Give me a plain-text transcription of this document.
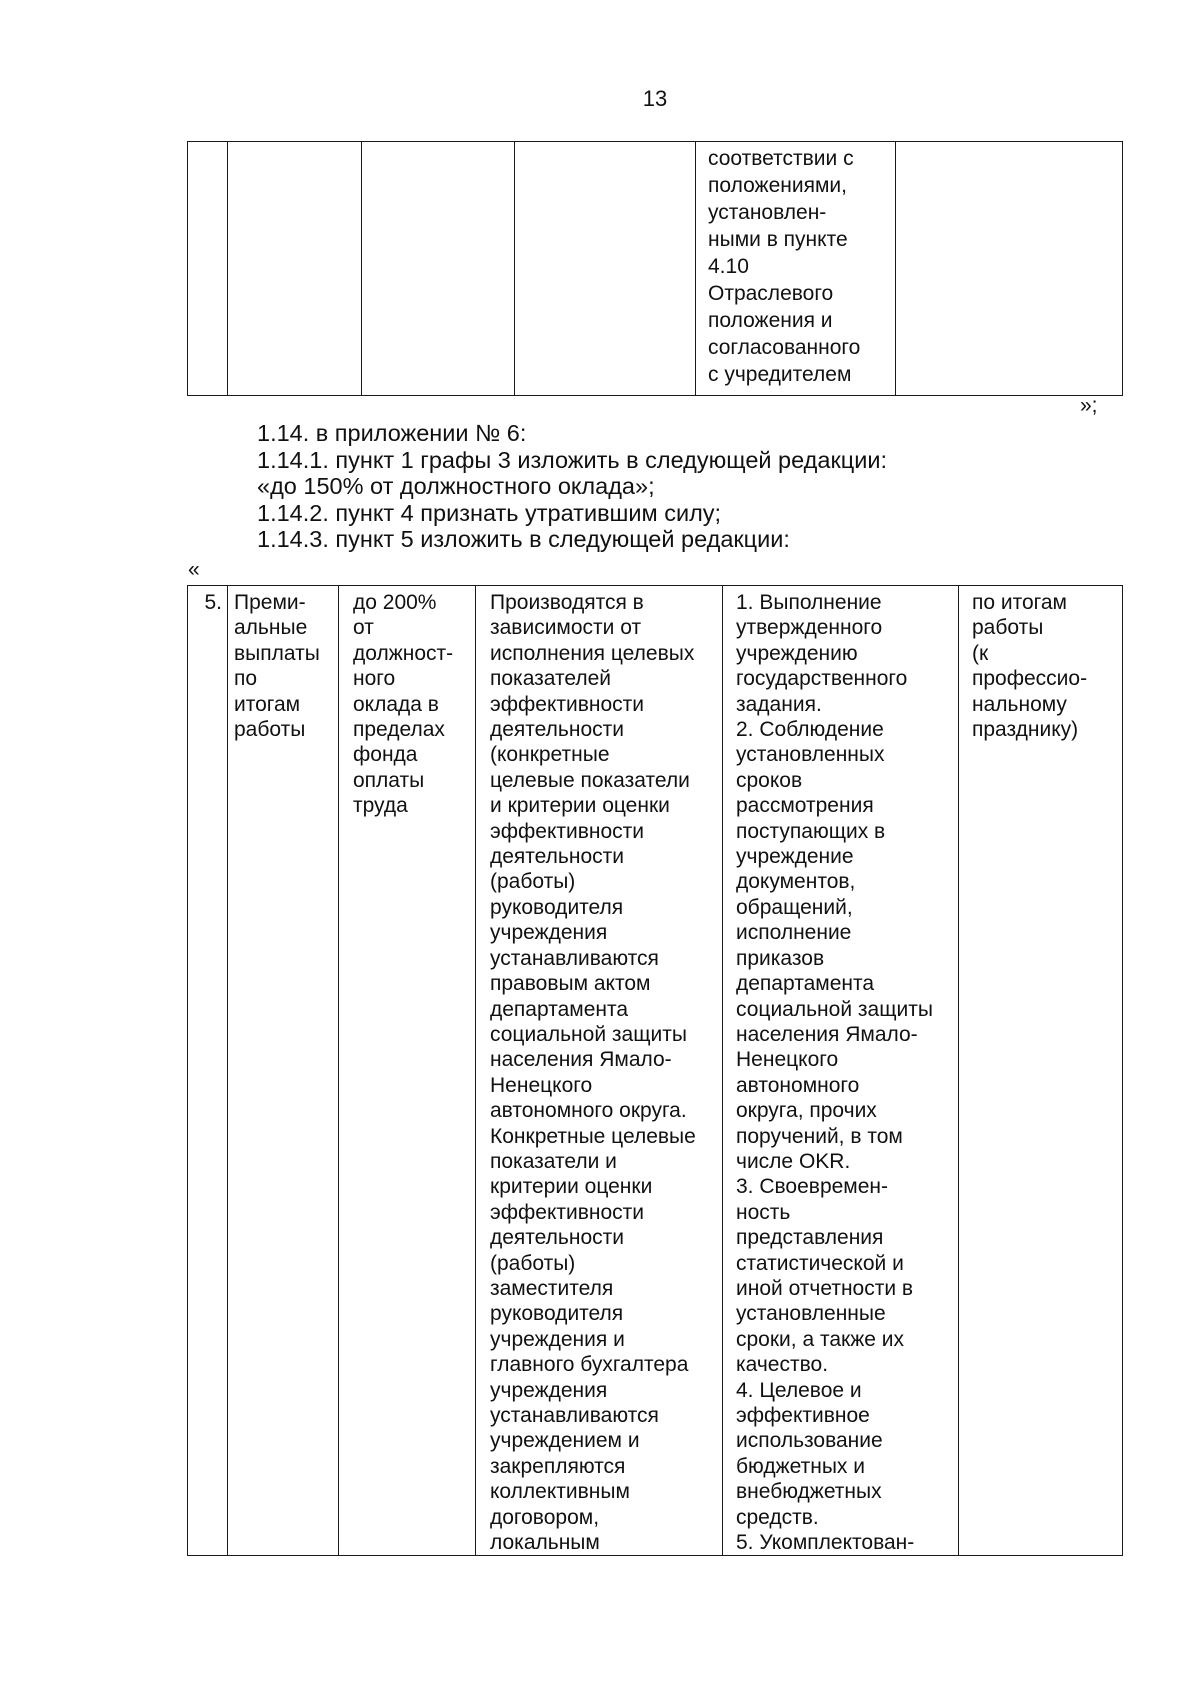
13
				соответствии с
положениями,
установлен-
ными в пункте
4.10
Отраслевого
положения и
согласованного
с учредителем	
»;

1.14. в приложении № 6:

1.14.1. пункт 1 графы 3 изложить в следующей редакции:

«до 150% от должностного оклада»;

1.14.2. пункт 4 признать утратившим силу;

1.14.3. пункт 5 изложить в следующей редакции:

«
5.	Преми-
альные
выплаты
по
итогам
работы	до 200%
от
должност-
ного
оклада в
пределах
фонда
оплаты
труда	Производятся в
зависимости от
исполнения целевых
показателей
эффективности
деятельности
(конкретные
целевые показатели
и критерии оценки
эффективности
деятельности
(работы)
руководителя
учреждения
устанавливаются
правовым актом
департамента
социальной защиты
населения Ямало-
Ненецкого
автономного округа.
Конкретные целевые
показатели и
критерии оценки
эффективности
деятельности
(работы)
заместителя
руководителя
учреждения и
главного бухгалтера
учреждения
устанавливаются
учреждением и
закрепляются
коллективным
договором,
локальным	1. Выполнение
утвержденного
учреждению
государственного
задания.
2. Соблюдение
установленных
сроков
рассмотрения
поступающих в
учреждение
документов,
обращений,
исполнение
приказов
департамента
социальной защиты
населения Ямало-
Ненецкого
автономного
округа, прочих
поручений, в том
числе OKR.
3. Своевремен-
ность
представления
статистической и
иной отчетности в
установленные
сроки, а также их
качество.
4. Целевое и
эффективное
использование
бюджетных и
внебюджетных
средств.
5. Укомплектован-	по итогам
работы
(к
профессио-
нальному
празднику)
